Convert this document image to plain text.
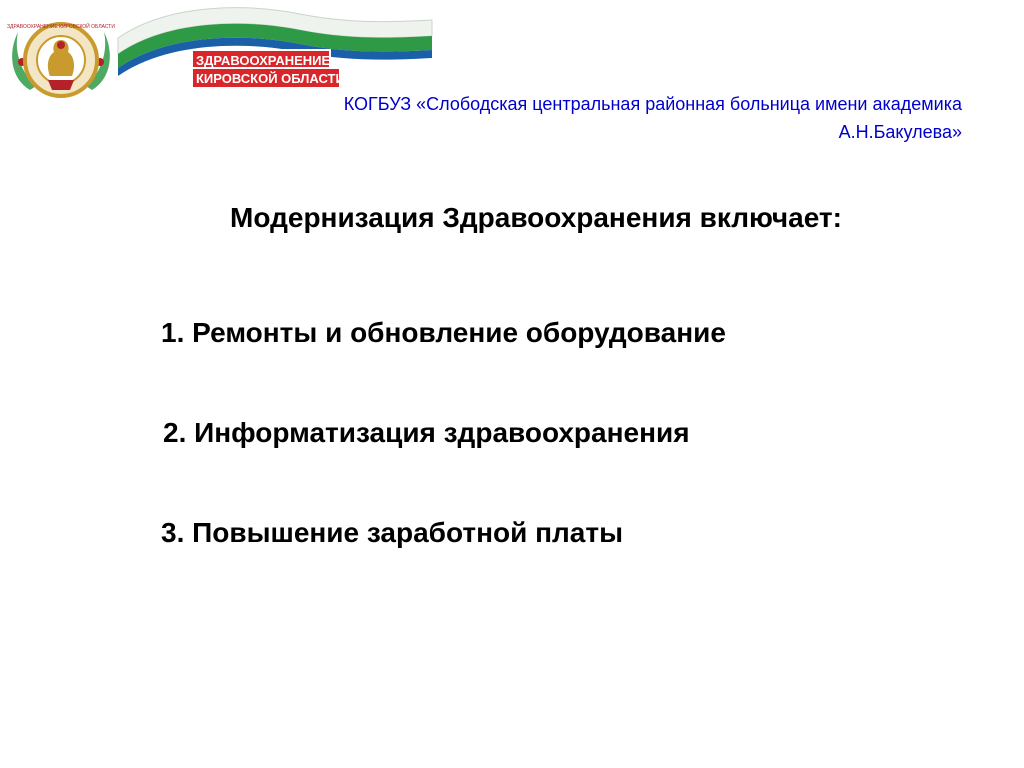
ЗДРАВООХРАНЕНИЕ
КИРОВСКОЙ ОБЛАСТИ
ЗДРАВООХРАНЕНИЕ КИРОВСКОЙ ОБЛАСТИ
КОГБУЗ «Слободская центральная районная больница имени академика
А.Н.Бакулева»
Модернизация Здравоохранения включает:
1. Ремонты и обновление оборудование
2. Информатизация здравоохранения
3. Повышение заработной платы
